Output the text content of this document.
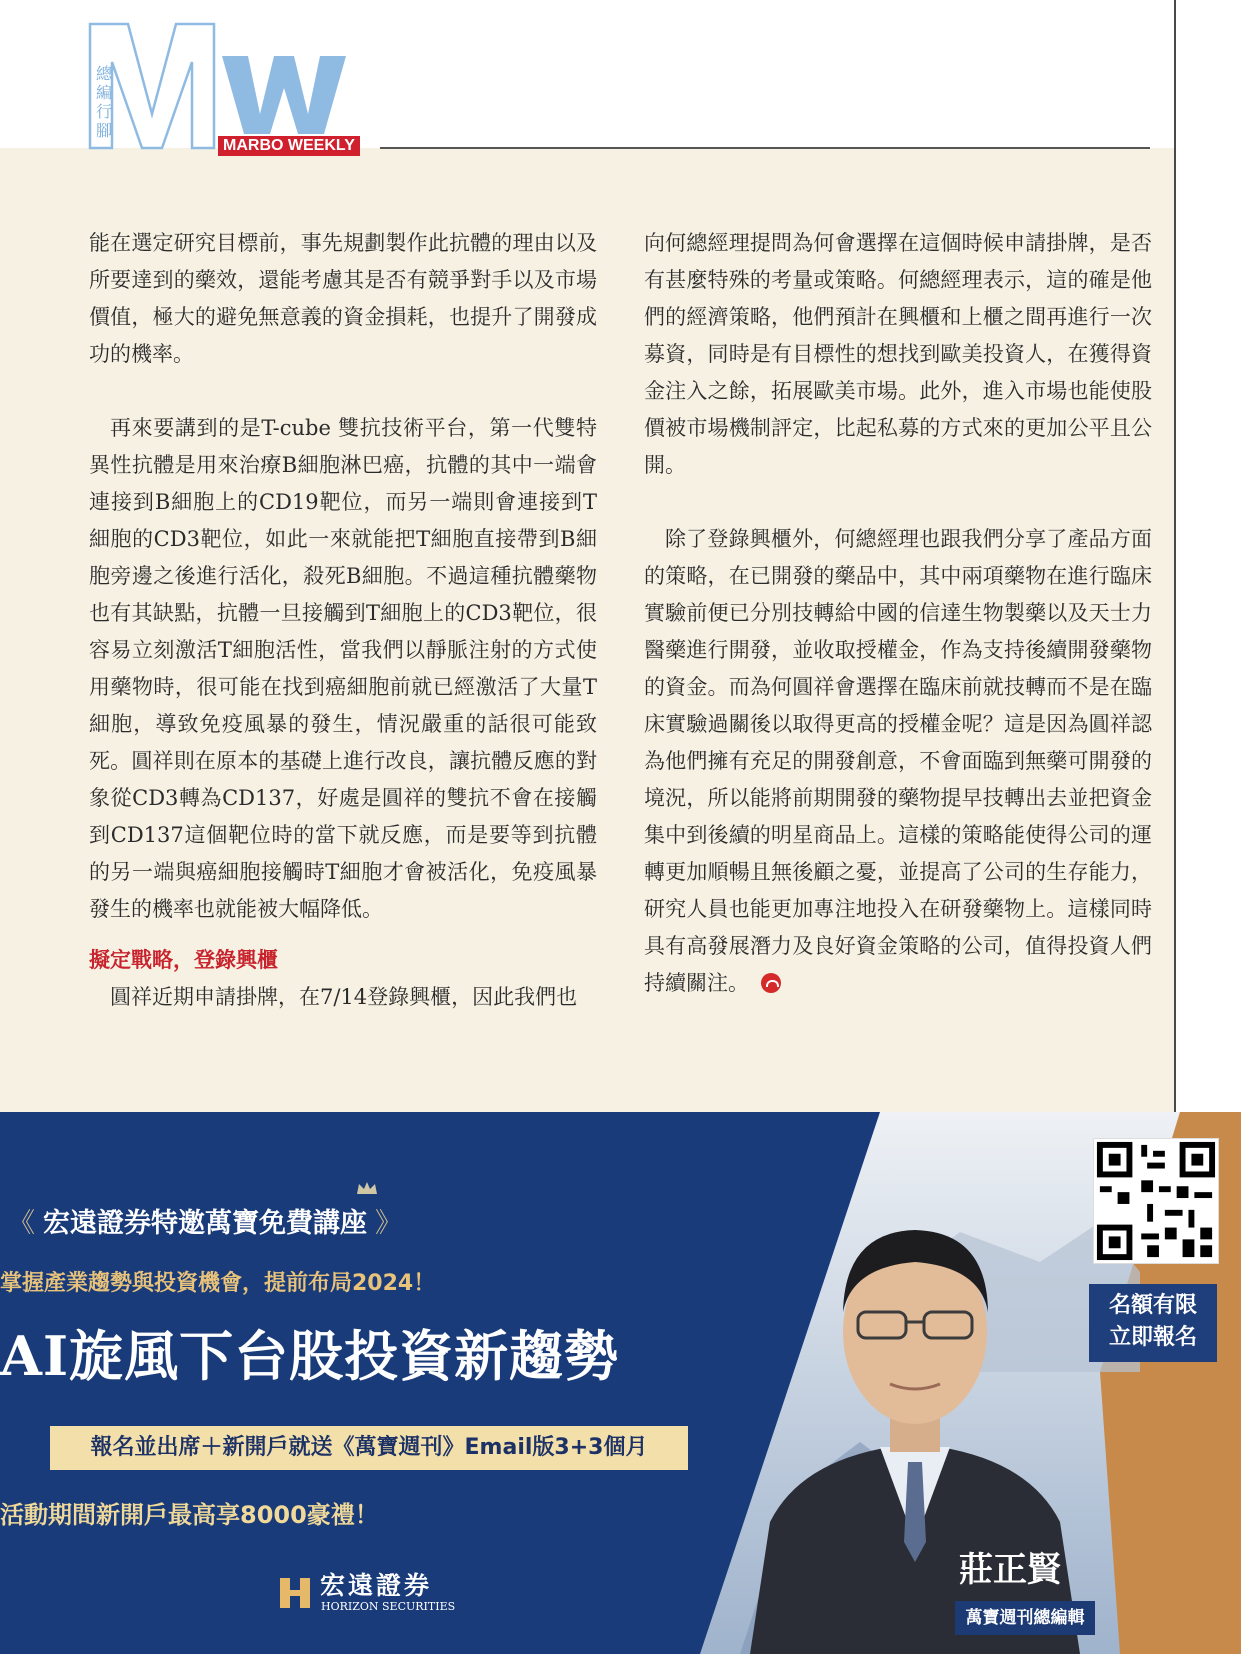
總編行腳
MARBO WEEKLY

能在選定研究目標前，事先規劃製作此抗體的理由以及所要達到的藥效，還能考慮其是否有競爭對手以及市場價值，極大的避免無意義的資金損耗，也提升了開發成功的機率。

再來要講到的是T-cube 雙抗技術平台，第一代雙特異性抗體是用來治療B細胞淋巴癌，抗體的其中一端會連接到B細胞上的CD19靶位，而另一端則會連接到T細胞的CD3靶位，如此一來就能把T細胞直接帶到B細胞旁邊之後進行活化，殺死B細胞。不過這種抗體藥物也有其缺點，抗體一旦接觸到T細胞上的CD3靶位，很容易立刻激活T細胞活性，當我們以靜脈注射的方式使用藥物時，很可能在找到癌細胞前就已經激活了大量T細胞，導致免疫風暴的發生，情況嚴重的話很可能致死。圓祥則在原本的基礎上進行改良，讓抗體反應的對象從CD3轉為CD137，好處是圓祥的雙抗不會在接觸到CD137這個靶位時的當下就反應，而是要等到抗體的另一端與癌細胞接觸時T細胞才會被活化，免疫風暴發生的機率也就能被大幅降低。

擬定戰略，登錄興櫃

圓祥近期申請掛牌，在7/14登錄興櫃，因此我們也

向何總經理提問為何會選擇在這個時候申請掛牌，是否有甚麼特殊的考量或策略。何總經理表示，這的確是他們的經濟策略，他們預計在興櫃和上櫃之間再進行一次募資，同時是有目標性的想找到歐美投資人，在獲得資金注入之餘，拓展歐美市場。此外，進入市場也能使股價被市場機制評定，比起私募的方式來的更加公平且公開。

除了登錄興櫃外，何總經理也跟我們分享了產品方面的策略，在已開發的藥品中，其中兩項藥物在進行臨床實驗前便已分別技轉給中國的信達生物製藥以及天士力醫藥進行開發，並收取授權金，作為支持後續開發藥物的資金。而為何圓祥會選擇在臨床前就技轉而不是在臨床實驗過關後以取得更高的授權金呢？這是因為圓祥認為他們擁有充足的開發創意，不會面臨到無藥可開發的境況，所以能將前期開發的藥物提早技轉出去並把資金集中到後續的明星商品上。這樣的策略能使得公司的運轉更加順暢且無後顧之憂，並提高了公司的生存能力，研究人員也能更加專注地投入在研發藥物上。這樣同時具有高發展潛力及良好資金策略的公司，值得投資人們持續關注。

《 宏遠證券特邀萬寶免費講座 》
掌握產業趨勢與投資機會，提前布局2024！
AI旋風下台股投資新趨勢
報名並出席＋新開戶就送《萬寶週刊》Email版3+3個月
活動期間新開戶最高享8000豪禮！
宏遠證券
HORIZON SECURITIES
名額有限
立即報名
莊正賢
萬寶週刊總編輯
